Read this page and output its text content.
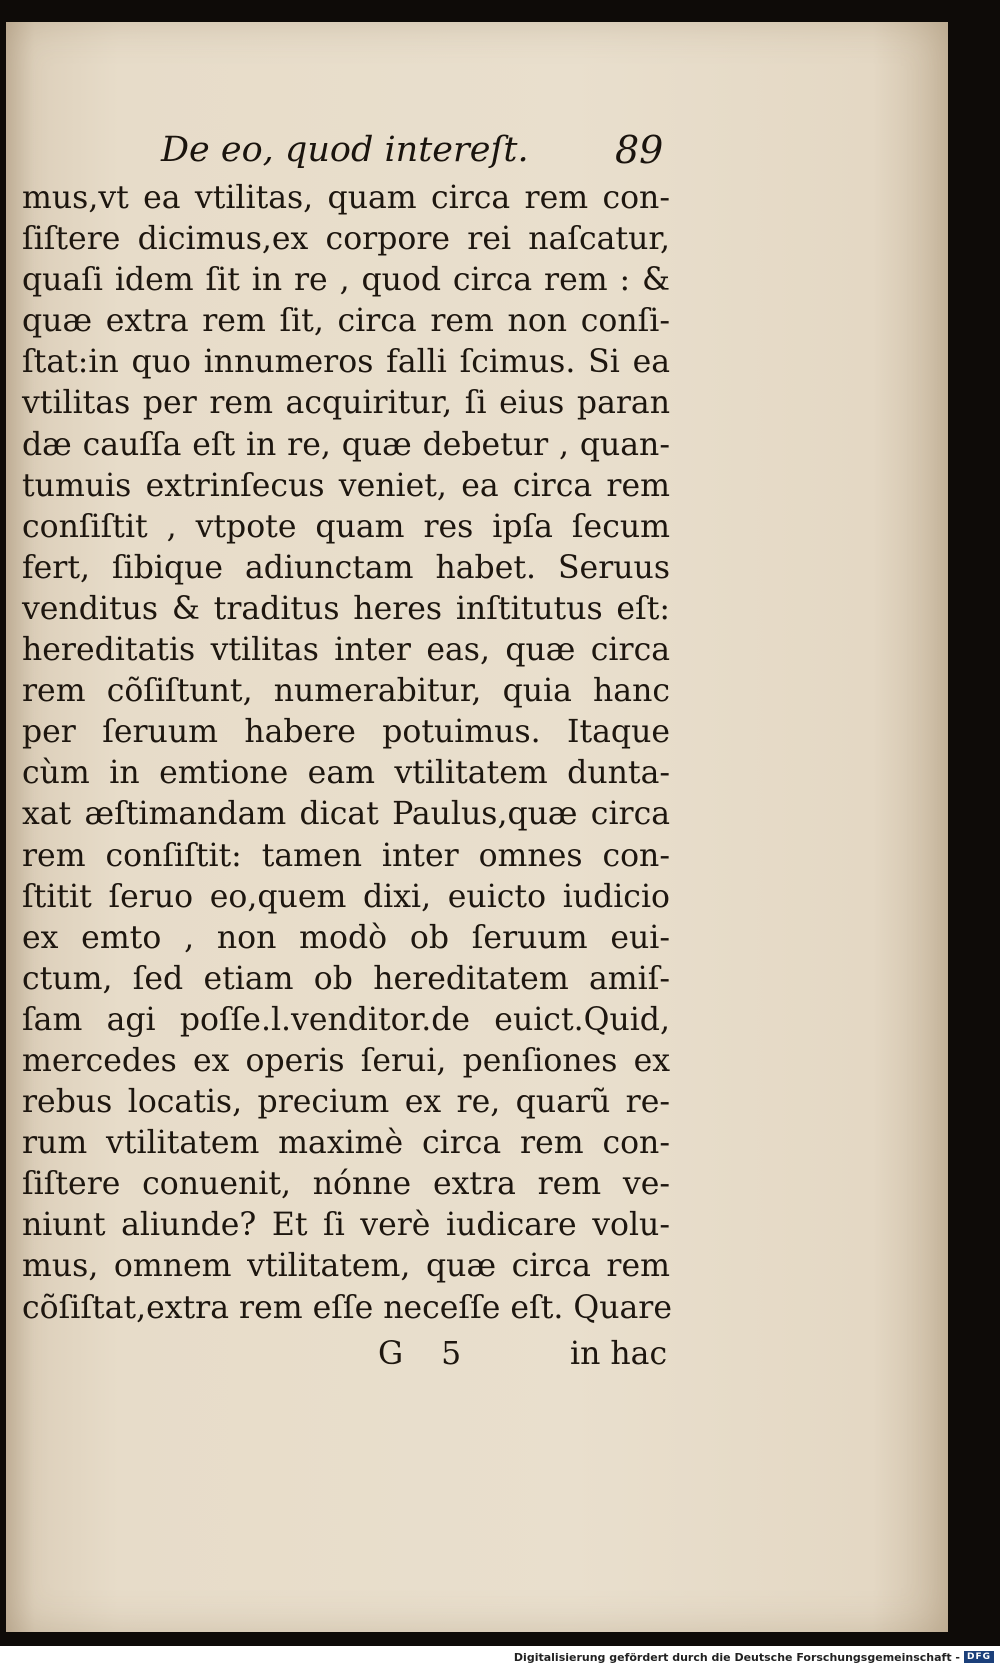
De eo, quod intereſt. 89
mus,vt ea vtilitas, quam circa rem con-
ſiſtere dicimus,ex corpore rei naſcatur,
quaſi idem ſit in re , quod circa rem : &
quæ extra rem ſit, circa rem non conſi-
ſtat:in quo innumeros falli ſcimus. Si ea
vtilitas per rem acquiritur, ſi eius paran
dæ cauſſa eſt in re, quæ debetur , quan-
tumuis extrinſecus veniet, ea circa rem
conſiſtit , vtpote quam res ipſa ſecum
fert, ſibique adiunctam habet. Seruus
venditus & traditus heres inſtitutus eſt:
hereditatis vtilitas inter eas, quæ circa
rem cõſiſtunt, numerabitur, quia hanc
per ſeruum habere potuimus. Itaque
cùm in emtione eam vtilitatem dunta-
xat æſtimandam dicat Paulus,quæ circa
rem conſiſtit: tamen inter omnes con-
ſtitit ſeruo eo,quem dixi, euicto iudicio
ex emto , non modò ob ſeruum eui-
ctum, ſed etiam ob hereditatem amiſ-
ſam agi poſſe.l.venditor.de euict.Quid,
mercedes ex operis ſerui, penſiones ex
rebus locatis, precium ex re, quarũ re-
rum vtilitatem maximè circa rem con-
ſiſtere conuenit, nónne extra rem ve-
niunt aliunde? Et ſi verè iudicare volu-
mus, omnem vtilitatem, quæ circa rem
cõſiſtat,extra rem eſſe neceſſe eſt. Quare
G 5	in hac
Digitalisierung gefördert durch die Deutsche Forschungsgemeinschaft - DFG
